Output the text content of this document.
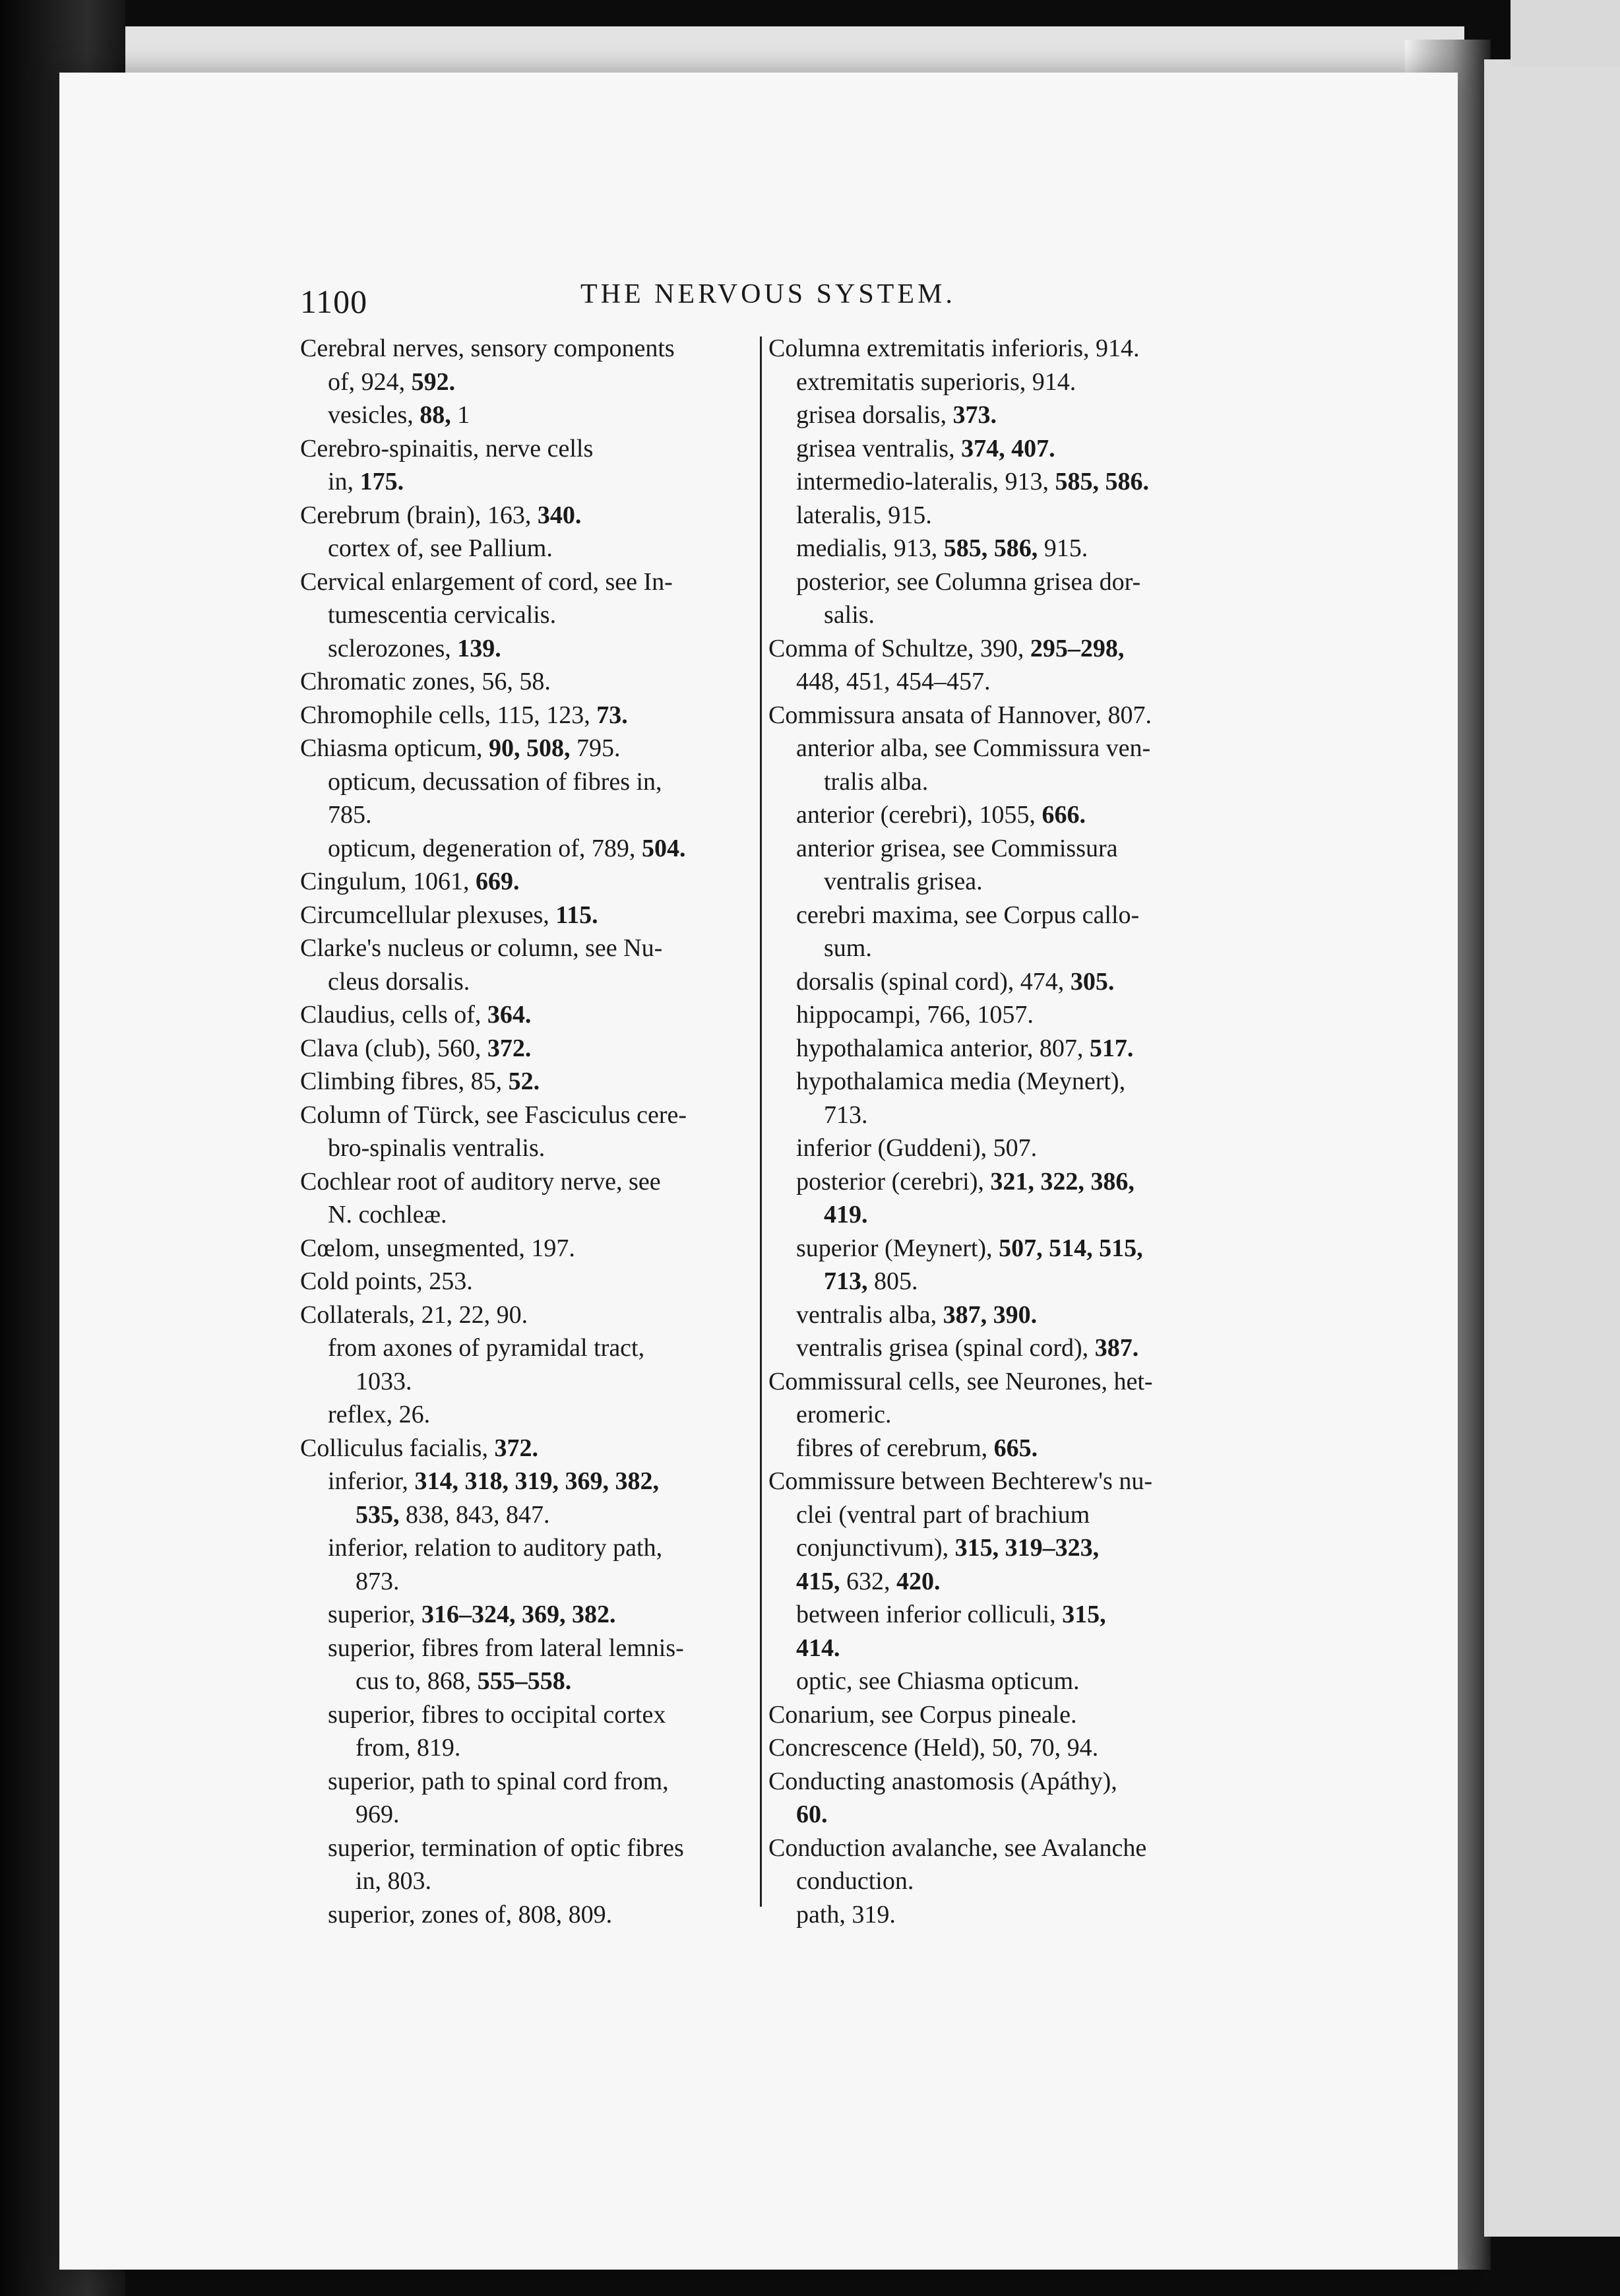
1100	THE NERVOUS SYSTEM.
Cerebral nerves, sensory components
of, 924, 592.
vesicles, 88, 1
Cerebro-spinaitis, nerve cells
in, 175.
Cerebrum (brain), 163, 340.
cortex of, see Pallium.
Cervical enlargement of cord, see In-
tumescentia cervicalis.
sclerozones, 139.
Chromatic zones, 56, 58.
Chromophile cells, 115, 123, 73.
Chiasma opticum, 90, 508, 795.
opticum, decussation of fibres in,
785.
opticum, degeneration of, 789, 504.
Cingulum, 1061, 669.
Circumcellular plexuses, 115.
Clarke's nucleus or column, see Nu-
cleus dorsalis.
Claudius, cells of, 364.
Clava (club), 560, 372.
Climbing fibres, 85, 52.
Column of Türck, see Fasciculus cere-
bro-spinalis ventralis.
Cochlear root of auditory nerve, see
N. cochleæ.
Cœlom, unsegmented, 197.
Cold points, 253.
Collaterals, 21, 22, 90.
from axones of pyramidal tract,
1033.
reflex, 26.
Colliculus facialis, 372.
inferior, 314, 318, 319, 369, 382,
535, 838, 843, 847.
inferior, relation to auditory path,
873.
superior, 316–324, 369, 382.
superior, fibres from lateral lemnis-
cus to, 868, 555–558.
superior, fibres to occipital cortex
from, 819.
superior, path to spinal cord from,
969.
superior, termination of optic fibres
in, 803.
superior, zones of, 808, 809.
Columna extremitatis inferioris, 914.
extremitatis superioris, 914.
grisea dorsalis, 373.
grisea ventralis, 374, 407.
intermedio-lateralis, 913, 585, 586.
lateralis, 915.
medialis, 913, 585, 586, 915.
posterior, see Columna grisea dor-
salis.
Comma of Schultze, 390, 295–298,
448, 451, 454–457.
Commissura ansata of Hannover, 807.
anterior alba, see Commissura ven-
tralis alba.
anterior (cerebri), 1055, 666.
anterior grisea, see Commissura
ventralis grisea.
cerebri maxima, see Corpus callo-
sum.
dorsalis (spinal cord), 474, 305.
hippocampi, 766, 1057.
hypothalamica anterior, 807, 517.
hypothalamica media (Meynert),
713.
inferior (Guddeni), 507.
posterior (cerebri), 321, 322, 386,
419.
superior (Meynert), 507, 514, 515,
713, 805.
ventralis alba, 387, 390.
ventralis grisea (spinal cord), 387.
Commissural cells, see Neurones, het-
eromeric.
fibres of cerebrum, 665.
Commissure between Bechterew's nu-
clei (ventral part of brachium
conjunctivum), 315, 319–323,
415, 632, 420.
between inferior colliculi, 315,
414.
optic, see Chiasma opticum.
Conarium, see Corpus pineale.
Concrescence (Held), 50, 70, 94.
Conducting anastomosis (Apáthy),
60.
Conduction avalanche, see Avalanche
conduction.
path, 319.
